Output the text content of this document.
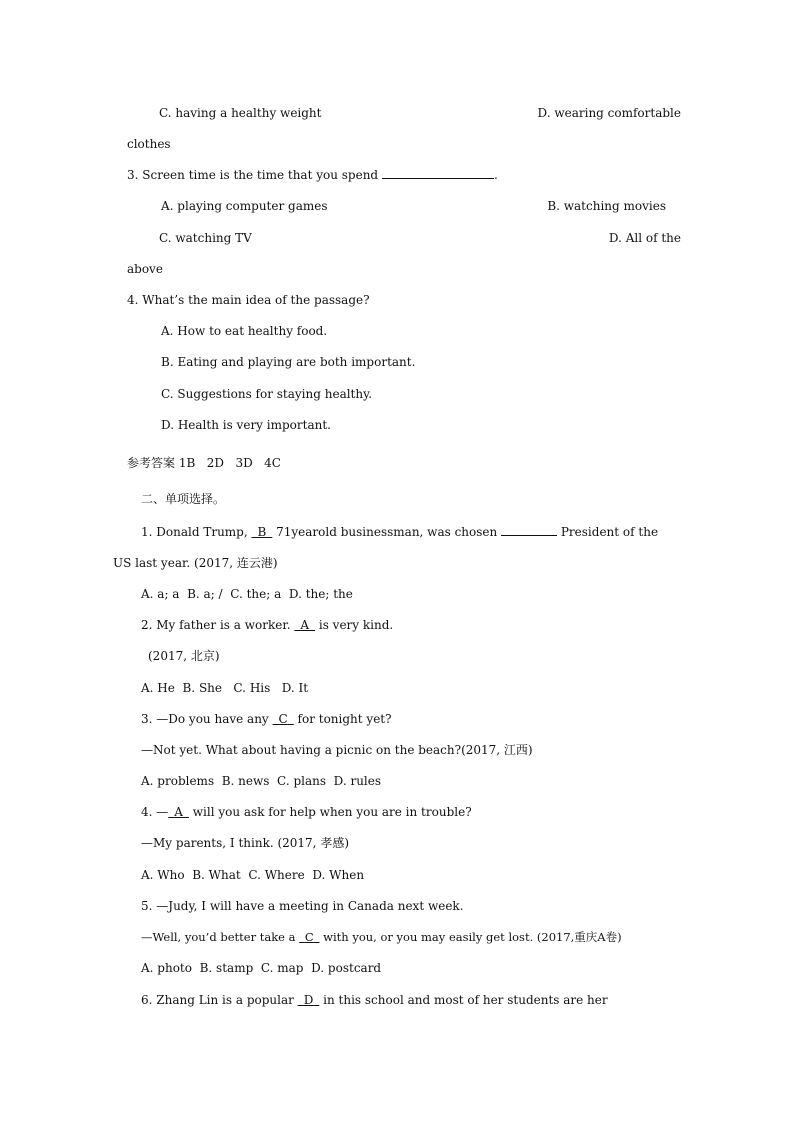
C. having a healthy weight	D. wearing comfortable
clothes
3. Screen time is the time that you spend	.
A. playing computer games	B. watching movies
C. watching TV	D. All of the
above
4. What’s the main idea of the passage?
A. How to eat healthy food.
B. Eating and playing are both important.
C. Suggestions for staying healthy.
D. Health is very important.
参考答案 1B   2D   3D   4C
二、单项选择。
1. Donald Trump,  B  71yearold businessman, was chosen	President of the
US last year. (2017, 连云港)
A. a; a  B. a; /  C. the; a  D. the; the
2. My father is a worker.  A  is very kind.
(2017, 北京)
A. He  B. She   C. His   D. It
3. —Do you have any  C  for tonight yet?
—Not yet. What about having a picnic on the beach?(2017, 江西)
A. problems  B. news  C. plans  D. rules
4. —  A  will you ask for help when you are in trouble?
—My parents, I think. (2017, 孝感)
A. Who  B. What  C. Where  D. When
5. —Judy, I will have a meeting in Canada next week.
—Well, you’d better take a  C  with you, or you may easily get lost. (2017,重庆A卷)
A. photo  B. stamp  C. map  D. postcard
6. Zhang Lin is a popular  D  in this school and most of her students are her
